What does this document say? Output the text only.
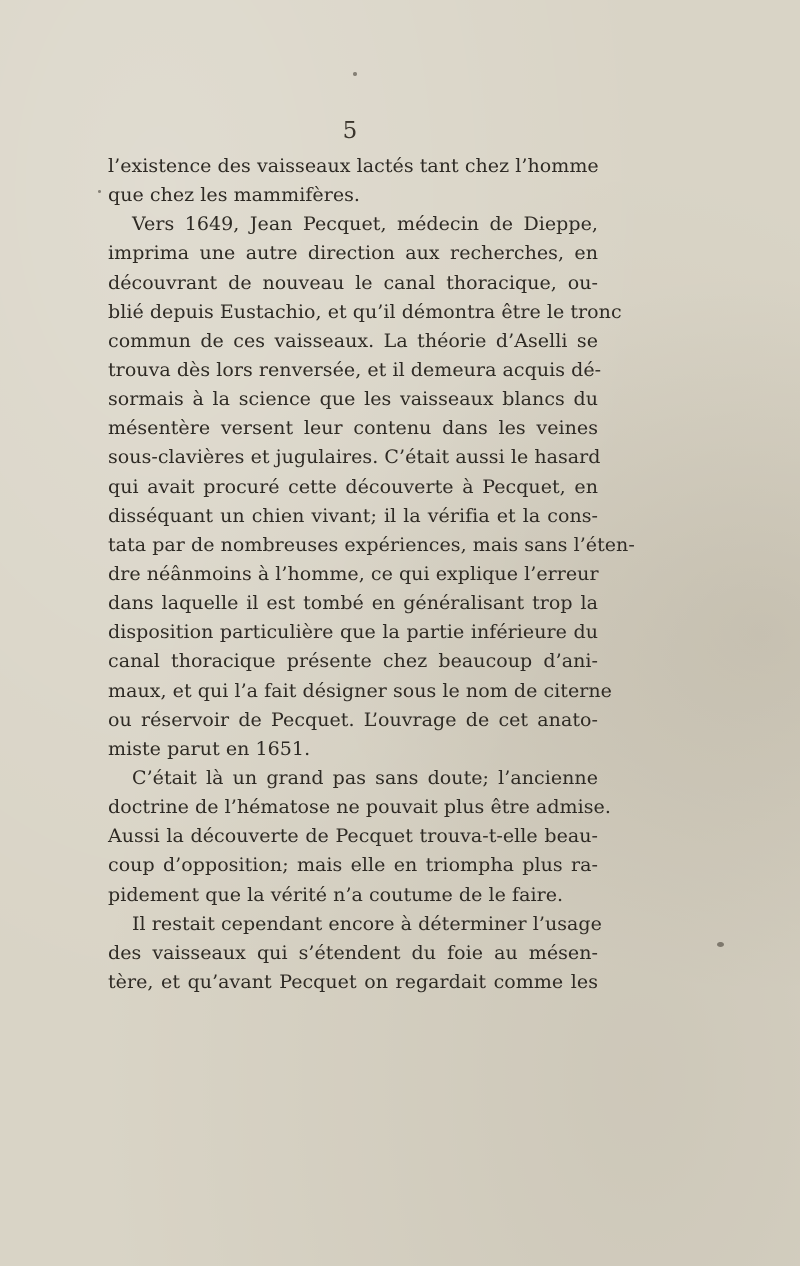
5
l’existence des vaisseaux lactés tant chez l’homme
que chez les mammifères.
Vers 1649, Jean Pecquet, médecin de Dieppe,
imprima une autre direction aux recherches, en
découvrant de nouveau le canal thoracique, ou-
blié depuis Eustachio, et qu’il démontra être le tronc
commun de ces vaisseaux. La théorie d’Aselli se
trouva dès lors renversée, et il demeura acquis dé-
sormais à la science que les vaisseaux blancs du
mésentère versent leur contenu dans les veines
sous-clavières et jugulaires. C’était aussi le hasard
qui avait procuré cette découverte à Pecquet, en
disséquant un chien vivant; il la vérifia et la cons-
tata par de nombreuses expériences, mais sans l’éten-
dre néânmoins à l’homme, ce qui explique l’erreur
dans laquelle il est tombé en généralisant trop la
disposition particulière que la partie inférieure du
canal thoracique présente chez beaucoup d’ani-
maux, et qui l’a fait désigner sous le nom de citerne
ou réservoir de Pecquet. L’ouvrage de cet anato-
miste parut en 1651.
C’était là un grand pas sans doute; l’ancienne
doctrine de l’hématose ne pouvait plus être admise.
Aussi la découverte de Pecquet trouva-t-elle beau-
coup d’opposition; mais elle en triompha plus ra-
pidement que la vérité n’a coutume de le faire.
Il restait cependant encore à déterminer l’usage
des vaisseaux qui s’étendent du foie au mésen-
tère, et qu’avant Pecquet on regardait comme les
